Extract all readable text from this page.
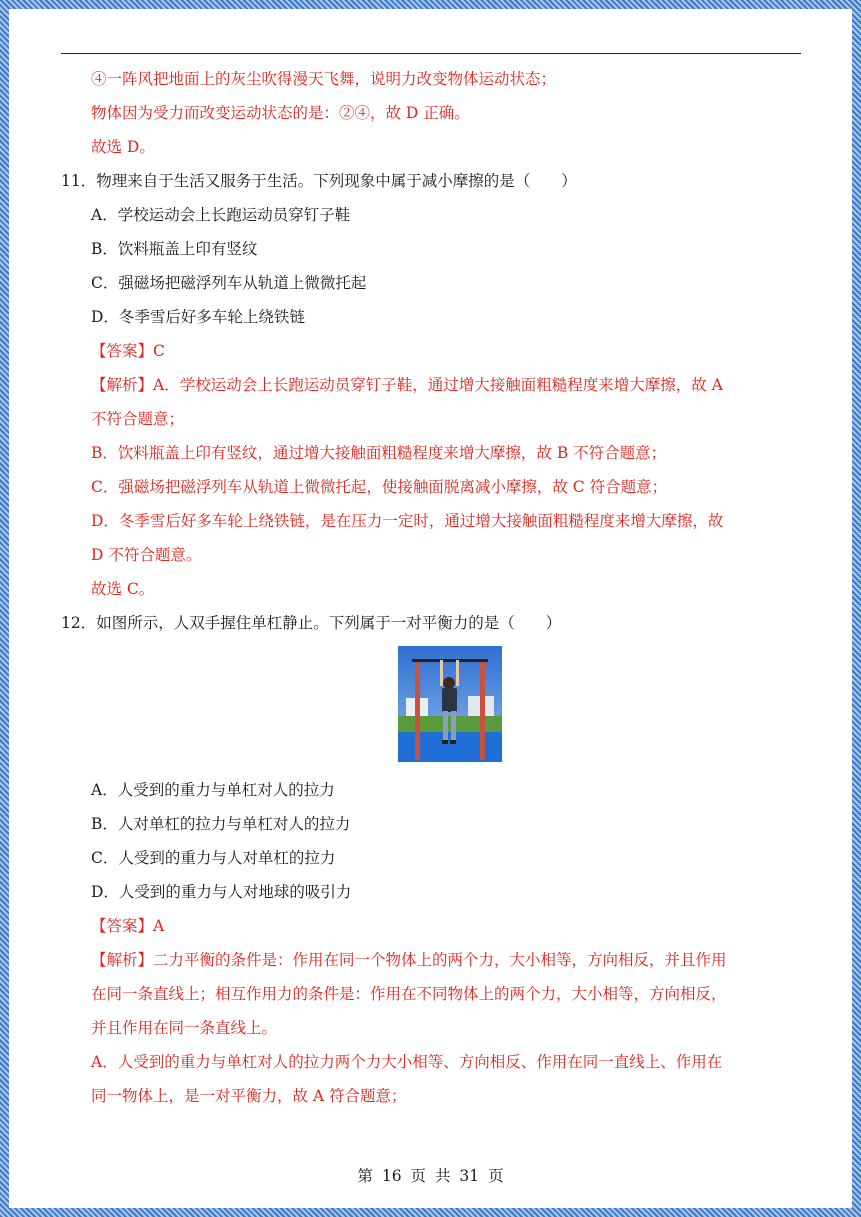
④一阵风把地面上的灰尘吹得漫天飞舞，说明力改变物体运动状态；
物体因为受力而改变运动状态的是：②④，故 D 正确。
故选 D。
11．物理来自于生活又服务于生活。下列现象中属于减小摩擦的是（　　）
A．学校运动会上长跑运动员穿钉子鞋
B．饮料瓶盖上印有竖纹
C．强磁场把磁浮列车从轨道上微微托起
D．冬季雪后好多车轮上绕铁链
【答案】C
【解析】A．学校运动会上长跑运动员穿钉子鞋，通过增大接触面粗糙程度来增大摩擦，故 A
不符合题意；
B．饮料瓶盖上印有竖纹，通过增大接触面粗糙程度来增大摩擦，故 B 不符合题意；
C．强磁场把磁浮列车从轨道上微微托起，使接触面脱离减小摩擦，故 C 符合题意；
D．冬季雪后好多车轮上绕铁链，是在压力一定时，通过增大接触面粗糙程度来增大摩擦，故
D 不符合题意。
故选 C。
12．如图所示，人双手握住单杠静止。下列属于一对平衡力的是（　　）
A．人受到的重力与单杠对人的拉力
B．人对单杠的拉力与单杠对人的拉力
C．人受到的重力与人对单杠的拉力
D．人受到的重力与人对地球的吸引力
【答案】A
【解析】二力平衡的条件是：作用在同一个物体上的两个力，大小相等，方向相反，并且作用
在同一条直线上；相互作用力的条件是：作用在不同物体上的两个力，大小相等，方向相反，
并且作用在同一条直线上。
A．人受到的重力与单杠对人的拉力两个力大小相等、方向相反、作用在同一直线上、作用在
同一物体上，是一对平衡力，故 A 符合题意；
第 16 页 共 31 页
